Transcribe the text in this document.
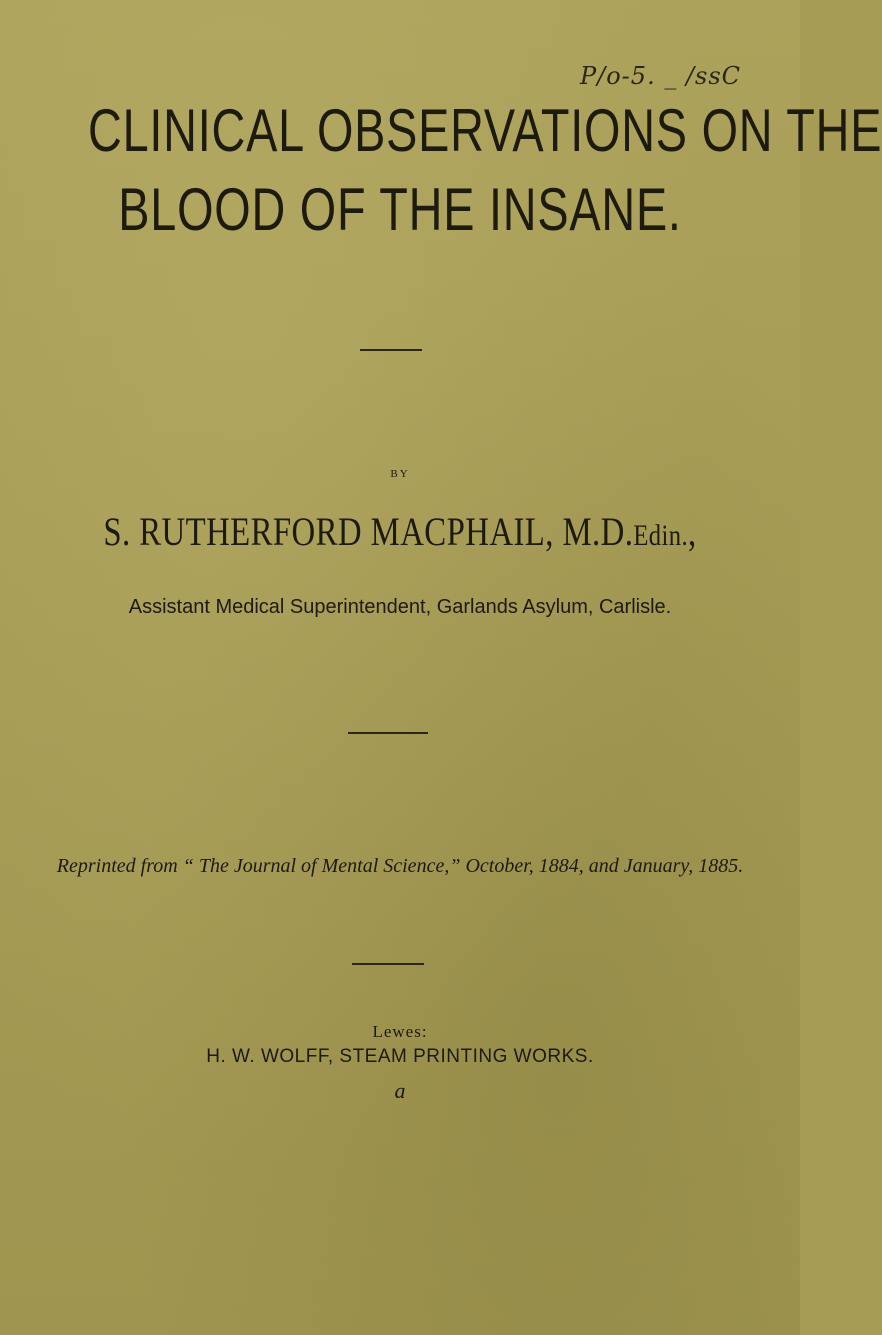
P/o-5. _ /ssC
CLINICAL OBSERVATIONS ON THE
BLOOD OF THE INSANE.
BY
S. RUTHERFORD MACPHAIL, M.D.Edin.,
Assistant Medical Superintendent, Garlands Asylum, Carlisle.
Reprinted from “ The Journal of Mental Science,” October, 1884, and January, 1885.
Lewes:
H. W. WOLFF, STEAM PRINTING WORKS.
a
